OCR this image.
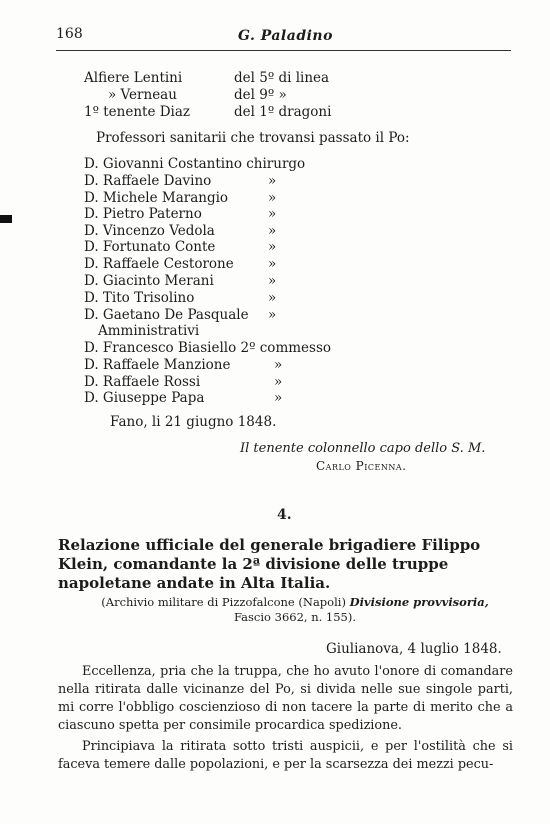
168	G. Paladino
Alfiere Lentini	del 5º di linea
» Verneau	del 9º »
1º tenente Diaz	del 1º dragoni
Professori sanitarii che trovansi passato il Po:
D. Giovanni Costantino chirurgo
D. Raffaele Davino	»
D. Michele Marangio	»
D. Pietro Paterno	»
D. Vincenzo Vedola	»
D. Fortunato Conte	»
D. Raffaele Cestorone	»
D. Giacinto Merani	»
D. Tito Trisolino	»
D. Gaetano De Pasquale »
Amministrativi
D. Francesco Biasiello 2º commesso
D. Raffaele Manzione	»
D. Raffaele Rossi	»
D. Giuseppe Papa	»
Fano, li 21 giugno 1848.
Il tenente colonnello capo dello S. M.
Carlo Picenna.
4.
Relazione ufficiale del generale brigadiere Filippo Klein, comandante la 2ª divisione delle truppe napoletane andate in Alta Italia.
(Archivio militare di Pizzofalcone (Napoli) Divisione provvisoria,
Fascio 3662, n. 155).
Giulianova, 4 luglio 1848.
Eccellenza, pria che la truppa, che ho avuto l'onore di comandare nella ritirata dalle vicinanze del Po, si divida nelle sue singole parti, mi corre l'obbligo coscienzioso di non tacere la parte di merito che a ciascuno spetta per consimile procardica spedizione.
Principiava la ritirata sotto tristi auspicii, e per l'ostilità che si faceva temere dalle popolazioni, e per la scarsezza dei mezzi pecu-
